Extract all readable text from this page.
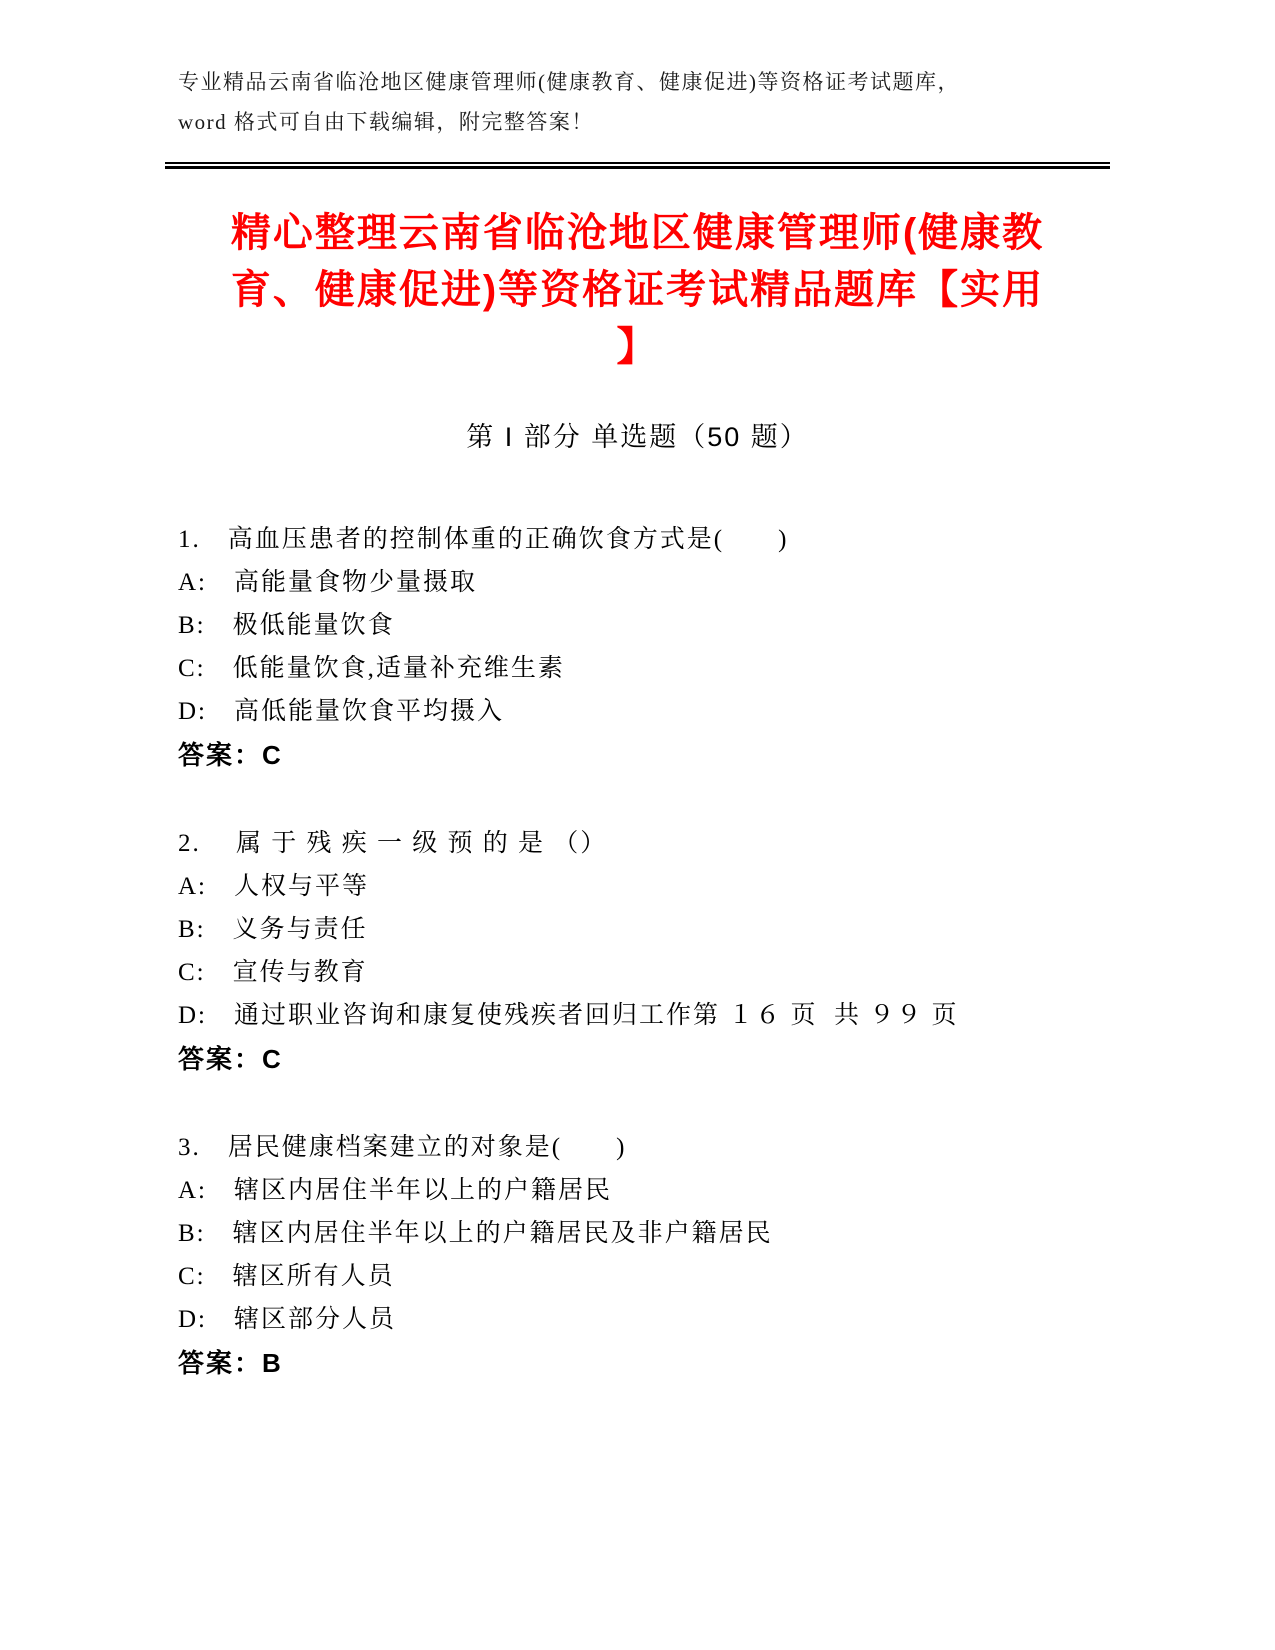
专业精品云南省临沧地区健康管理师(健康教育、健康促进)等资格证考试题库，
word 格式可自由下载编辑，附完整答案！
精心整理云南省临沧地区健康管理师(健康教
育、健康促进)等资格证考试精品题库【实用
】
第 I 部分 单选题（50 题）
1.　高血压患者的控制体重的正确饮食方式是(　　)
A:　高能量食物少量摄取
B:　极低能量饮食
C:　低能量饮食,适量补充维生素
D:　高低能量饮食平均摄入
答案：C
2.　 属 于 残 疾 一 级 预 的 是 （）
A:　人权与平等
B:　义务与责任
C:　宣传与教育
D:　通过职业咨询和康复使残疾者回归工作第 １６ 页  共 ９９ 页
答案：C
3.　居民健康档案建立的对象是(　　)
A:　辖区内居住半年以上的户籍居民
B:　辖区内居住半年以上的户籍居民及非户籍居民
C:　辖区所有人员
D:　辖区部分人员
答案：B
